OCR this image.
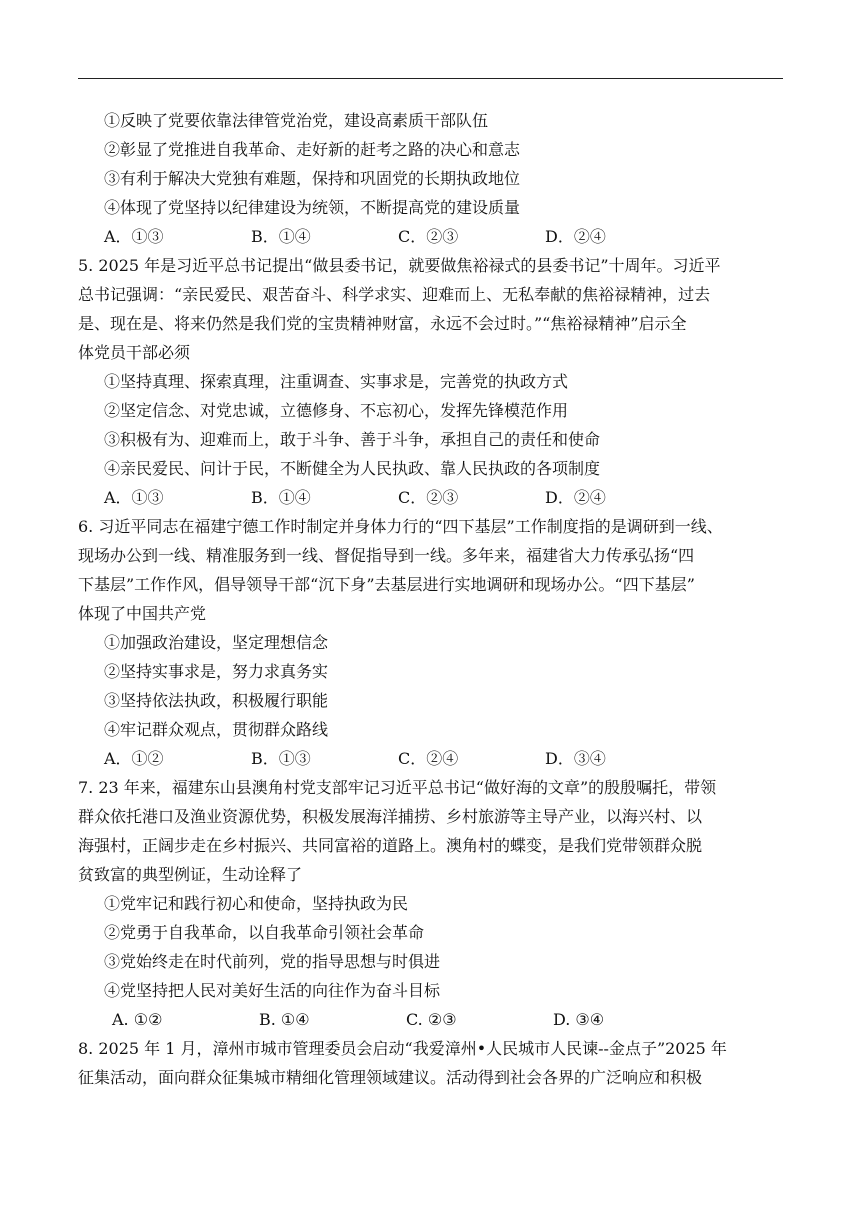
①反映了党要依靠法律管党治党，建设高素质干部队伍
②彰显了党推进自我革命、走好新的赶考之路的决心和意志
③有利于解决大党独有难题，保持和巩固党的长期执政地位
④体现了党坚持以纪律建设为统领，不断提高党的建设质量
A．①③	B．①④	C．②③	D．②④
5. 2025 年是习近平总书记提出“做县委书记，就要做焦裕禄式的县委书记”十周年。习近平
总书记强调：“亲民爱民、艰苦奋斗、科学求实、迎难而上、无私奉献的焦裕禄精神，过去
是、现在是、将来仍然是我们党的宝贵精神财富，永远不会过时。”“焦裕禄精神”启示全
体党员干部必须
①坚持真理、探索真理，注重调查、实事求是，完善党的执政方式
②坚定信念、对党忠诚，立德修身、不忘初心，发挥先锋模范作用
③积极有为、迎难而上，敢于斗争、善于斗争，承担自己的责任和使命
④亲民爱民、问计于民，不断健全为人民执政、靠人民执政的各项制度
A．①③	B．①④	C．②③	D．②④
6. 习近平同志在福建宁德工作时制定并身体力行的“四下基层”工作制度指的是调研到一线、
现场办公到一线、精准服务到一线、督促指导到一线。多年来，福建省大力传承弘扬“四
下基层”工作作风，倡导领导干部“沉下身”去基层进行实地调研和现场办公。“四下基层”
体现了中国共产党
①加强政治建设，坚定理想信念
②坚持实事求是，努力求真务实
③坚持依法执政，积极履行职能
④牢记群众观点，贯彻群众路线
A．①②	B．①③	C．②④	D．③④
7. 23 年来，福建东山县澳角村党支部牢记习近平总书记“做好海的文章”的殷殷嘱托，带领
群众依托港口及渔业资源优势，积极发展海洋捕捞、乡村旅游等主导产业，以海兴村、以
海强村，正阔步走在乡村振兴、共同富裕的道路上。澳角村的蝶变，是我们党带领群众脱
贫致富的典型例证，生动诠释了
①党牢记和践行初心和使命，坚持执政为民
②党勇于自我革命，以自我革命引领社会革命
③党始终走在时代前列，党的指导思想与时俱进
④党坚持把人民对美好生活的向往作为奋斗目标
A. ①②	B. ①④	C. ②③	D. ③④
8. 2025 年 1 月，漳州市城市管理委员会启动“我爱漳州•人民城市人民谏--金点子”2025 年
征集活动，面向群众征集城市精细化管理领域建议。活动得到社会各界的广泛响应和积极
